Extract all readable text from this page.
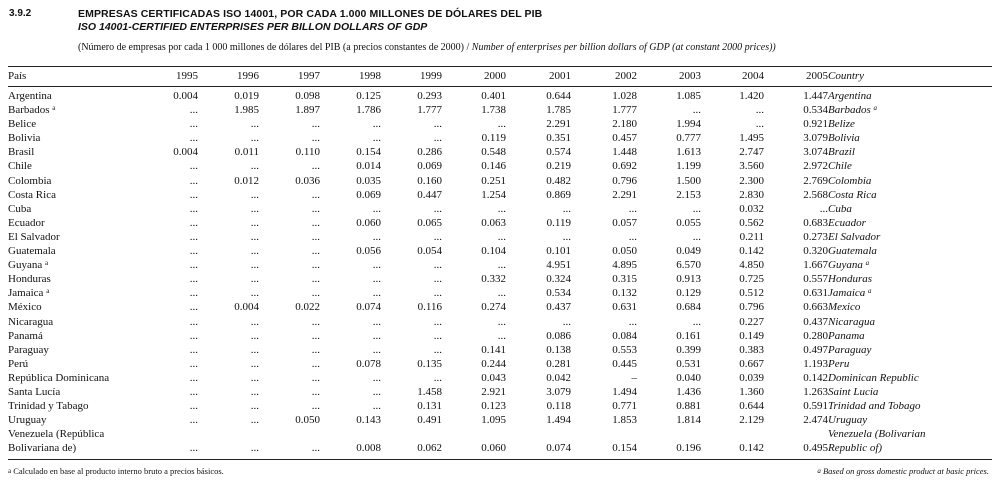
3.9.2	EMPRESAS CERTIFICADAS ISO 14001, POR CADA 1.000 MILLONES DE DÓLARES DEL PIB
ISO 14001-CERTIFIED ENTERPRISES PER BILLON DOLLARS OF GDP
(Número de empresas por cada 1 000 millones de dólares del PIB (a precios constantes de 2000) / Number of enterprises per billion dollars of GDP (at constant 2000 prices))
País	1995	1996	1997	1998	1999	2000	2001	2002	2003	2004	2005	Country

Argentina	0.004	0.019	0.098	0.125	0.293	0.401	0.644	1.028	1.085	1.420	1.447	Argentina
Barbados $^a$	...	1.985	1.897	1.786	1.777	1.738	1.785	1.777	...	...	0.534	Barbados $^a$
Belice	...	...	...	...	...	...	2.291	2.180	1.994	...	0.921	Belize
Bolivia	...	...	...	...	...	0.119	0.351	0.457	0.777	1.495	3.079	Bolivia
Brasil	0.004	0.011	0.110	0.154	0.286	0.548	0.574	1.448	1.613	2.747	3.074	Brazil
Chile	...	...	...	0.014	0.069	0.146	0.219	0.692	1.199	3.560	2.972	Chile
Colombia	...	0.012	0.036	0.035	0.160	0.251	0.482	0.796	1.500	2.300	2.769	Colombia
Costa Rica	...	...	...	0.069	0.447	1.254	0.869	2.291	2.153	2.830	2.568	Costa Rica
Cuba	...	...	...	...	...	...	...	...	...	0.032	...	Cuba
Ecuador	...	...	...	0.060	0.065	0.063	0.119	0.057	0.055	0.562	0.683	Ecuador
El Salvador	...	...	...	...	...	...	...	...	...	0.211	0.273	El Salvador
Guatemala	...	...	...	0.056	0.054	0.104	0.101	0.050	0.049	0.142	0.320	Guatemala
Guyana $^a$	...	...	...	...	...	...	4.951	4.895	6.570	4.850	1.667	Guyana $^a$
Honduras	...	...	...	...	...	0.332	0.324	0.315	0.913	0.725	0.557	Honduras
Jamaica $^a$	...	...	...	...	...	...	0.534	0.132	0.129	0.512	0.631	Jamaica $^a$
México	...	0.004	0.022	0.074	0.116	0.274	0.437	0.631	0.684	0.796	0.663	Mexico
Nicaragua	...	...	...	...	...	...	...	...	...	0.227	0.437	Nicaragua
Panamá	...	...	...	...	...	...	0.086	0.084	0.161	0.149	0.280	Panama
Paraguay	...	...	...	...	...	0.141	0.138	0.553	0.399	0.383	0.497	Paraguay
Perú	...	...	...	0.078	0.135	0.244	0.281	0.445	0.531	0.667	1.193	Peru
República Dominicana	...	...	...	...	...	0.043	0.042	–	0.040	0.039	0.142	Dominican Republic
Santa Lucía	...	...	...	...	1.458	2.921	3.079	1.494	1.436	1.360	1.263	Saint Lucia
Trinidad y Tabago	...	...	...	...	0.131	0.123	0.118	0.771	0.881	0.644	0.591	Trinidad and Tobago
Uruguay	...	...	0.050	0.143	0.491	1.095	1.494	1.853	1.814	2.129	2.474	Uruguay
Venezuela (República												Venezuela (Bolivarian
Bolivariana de)	...	...	...	0.008	0.062	0.060	0.074	0.154	0.196	0.142	0.495	Republic of)
$^a$ Calculado en base al producto interno bruto a precios básicos.	$^a$ Based on gross domestic product at basic prices.
